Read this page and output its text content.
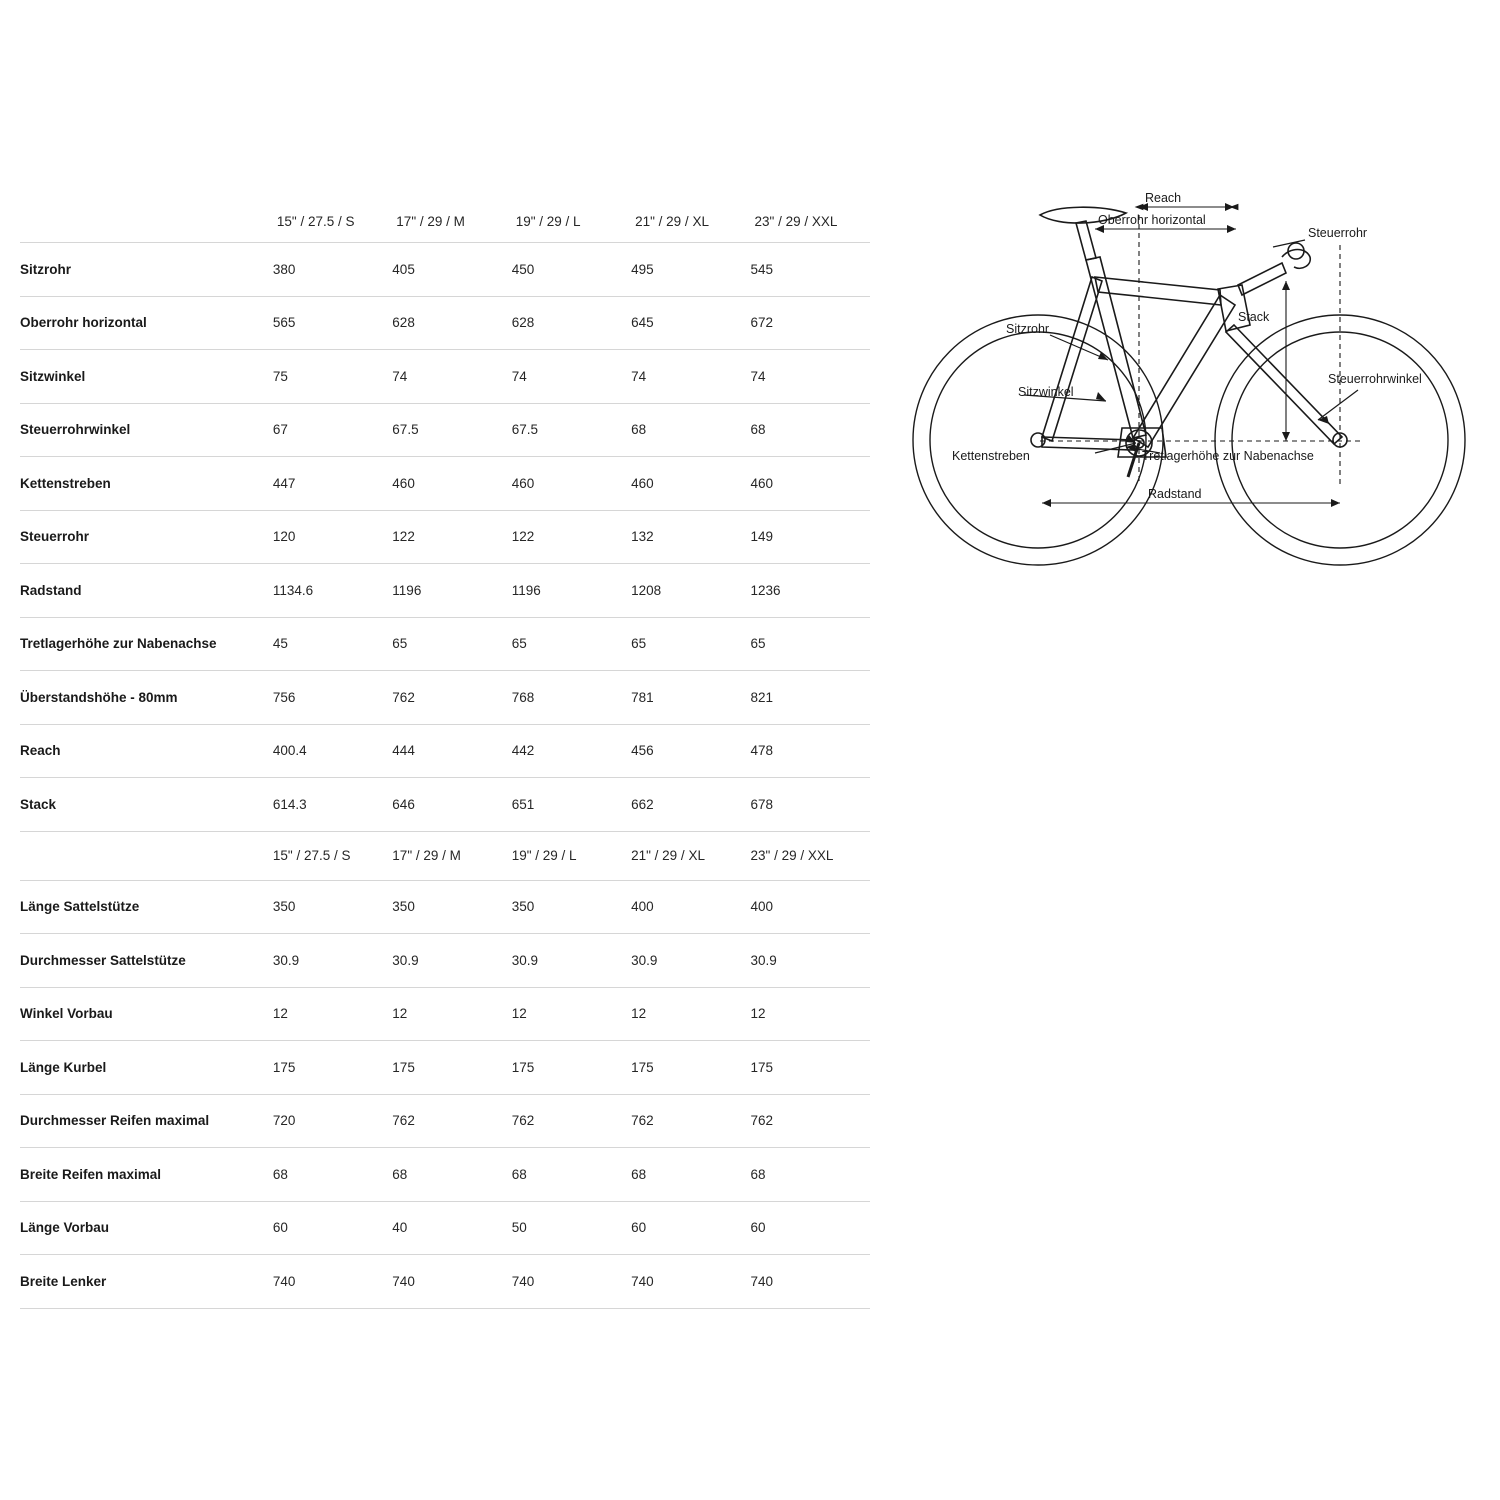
	15" / 27.5 / S	17" / 29 / M	19" / 29 / L	21" / 29 / XL	23" / 29 / XXL
Sitzrohr	380	405	450	495	545
Oberrohr horizontal	565	628	628	645	672
Sitzwinkel	75	74	74	74	74
Steuerrohrwinkel	67	67.5	67.5	68	68
Kettenstreben	447	460	460	460	460
Steuerrohr	120	122	122	132	149
Radstand	1134.6	1196	1196	1208	1236
Tretlagerhöhe zur Nabenachse	45	65	65	65	65
Überstandshöhe - 80mm	756	762	768	781	821
Reach	400.4	444	442	456	478
Stack	614.3	646	651	662	678
	15" / 27.5 / S	17" / 29 / M	19" / 29 / L	21" / 29 / XL	23" / 29 / XXL
Länge Sattelstütze	350	350	350	400	400
Durchmesser Sattelstütze	30.9	30.9	30.9	30.9	30.9
Winkel Vorbau	12	12	12	12	12
Länge Kurbel	175	175	175	175	175
Durchmesser Reifen maximal	720	762	762	762	762
Breite Reifen maximal	68	68	68	68	68
Länge Vorbau	60	40	50	60	60
Breite Lenker	740	740	740	740	740
Reach
Oberrohr horizontal
Steuerrohr
Stack
Sitzrohr
Sitzwinkel
Steuerrohrwinkel
Kettenstreben	Tretlagerhöhe zur Nabenachse
Radstand
